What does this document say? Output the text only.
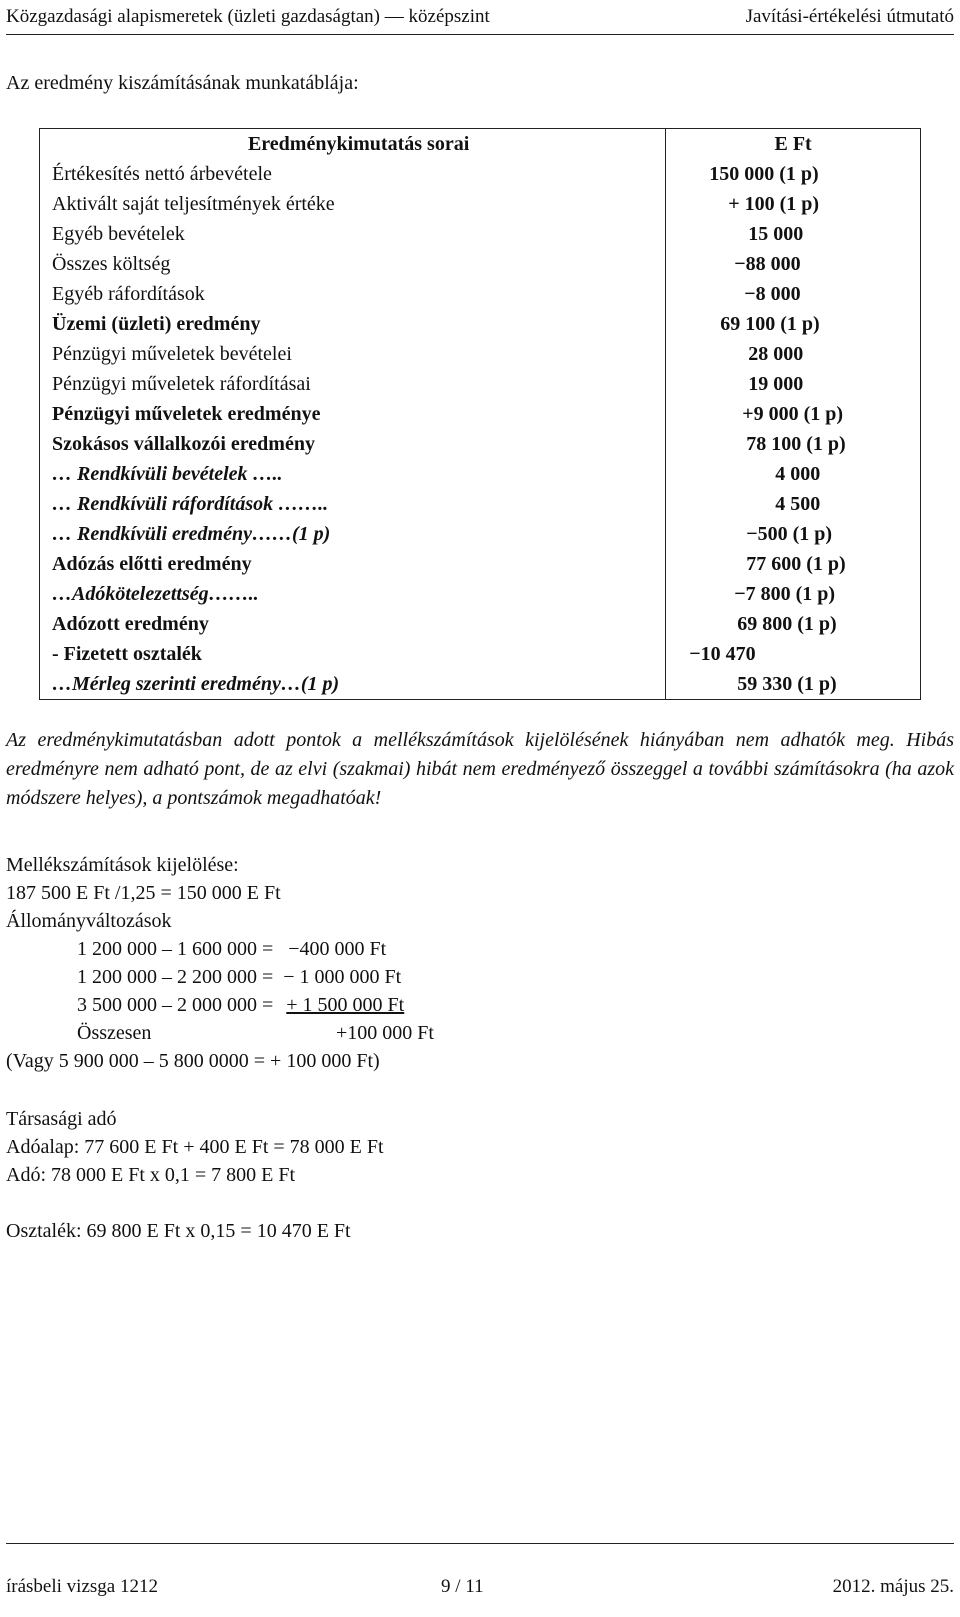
Közgazdasági alapismeretek (üzleti gazdaságtan) — középszint	Javítási-értékelési útmutató
Az eredmény kiszámításának munkatáblája:
Eredménykimutatás sorai	E Ft
Értékesítés nettó árbevétele	150 000 (1 p)
Aktivált saját teljesítmények értéke	+ 100 (1 p)
Egyéb bevételek	15 000
Összes költség	−88 000
Egyéb ráfordítások	−8 000
Üzemi (üzleti) eredmény	69 100 (1 p)
Pénzügyi műveletek bevételei	28 000
Pénzügyi műveletek ráfordításai	19 000
Pénzügyi műveletek eredménye	+9 000 (1 p)
Szokásos vállalkozói eredmény	78 100 (1 p)
… Rendkívüli bevételek …..	4 000
… Rendkívüli ráfordítások ……..	4 500
… Rendkívüli eredmény……(1 p)	−500 (1 p)
Adózás előtti eredmény	77 600 (1 p)
…Adókötelezettség……..	−7 800 (1 p)
Adózott eredmény	69 800 (1 p)
- Fizetett osztalék	−10 470
…Mérleg szerinti eredmény…(1 p)	59 330 (1 p)
Az eredménykimutatásban adott pontok a mellékszámítások kijelölésének hiányában nem adhatók meg. Hibás eredményre nem adható pont, de az elvi (szakmai) hibát nem eredményező összeggel a további számításokra (ha azok módszere helyes), a pontszámok megadhatóak!
Mellékszámítások kijelölése:
187 500 E Ft /1,25 = 150 000 E Ft
Állományváltozások
1 200 000 – 1 600 000 =   −400 000 Ft
1 200 000 – 2 200 000 =  − 1 000 000 Ft
3 500 000 – 2 000 000 = + 1 500 000 Ft
Összesen	+100 000 Ft
(Vagy 5 900 000 – 5 800 0000 = + 100 000 Ft)
Társasági adó
Adóalap: 77 600 E Ft + 400 E Ft = 78 000 E Ft
Adó: 78 000 E Ft x 0,1 = 7 800 E Ft
Osztalék: 69 800 E Ft x 0,15 = 10 470 E Ft
írásbeli vizsga 1212	9 / 11	2012. május 25.
